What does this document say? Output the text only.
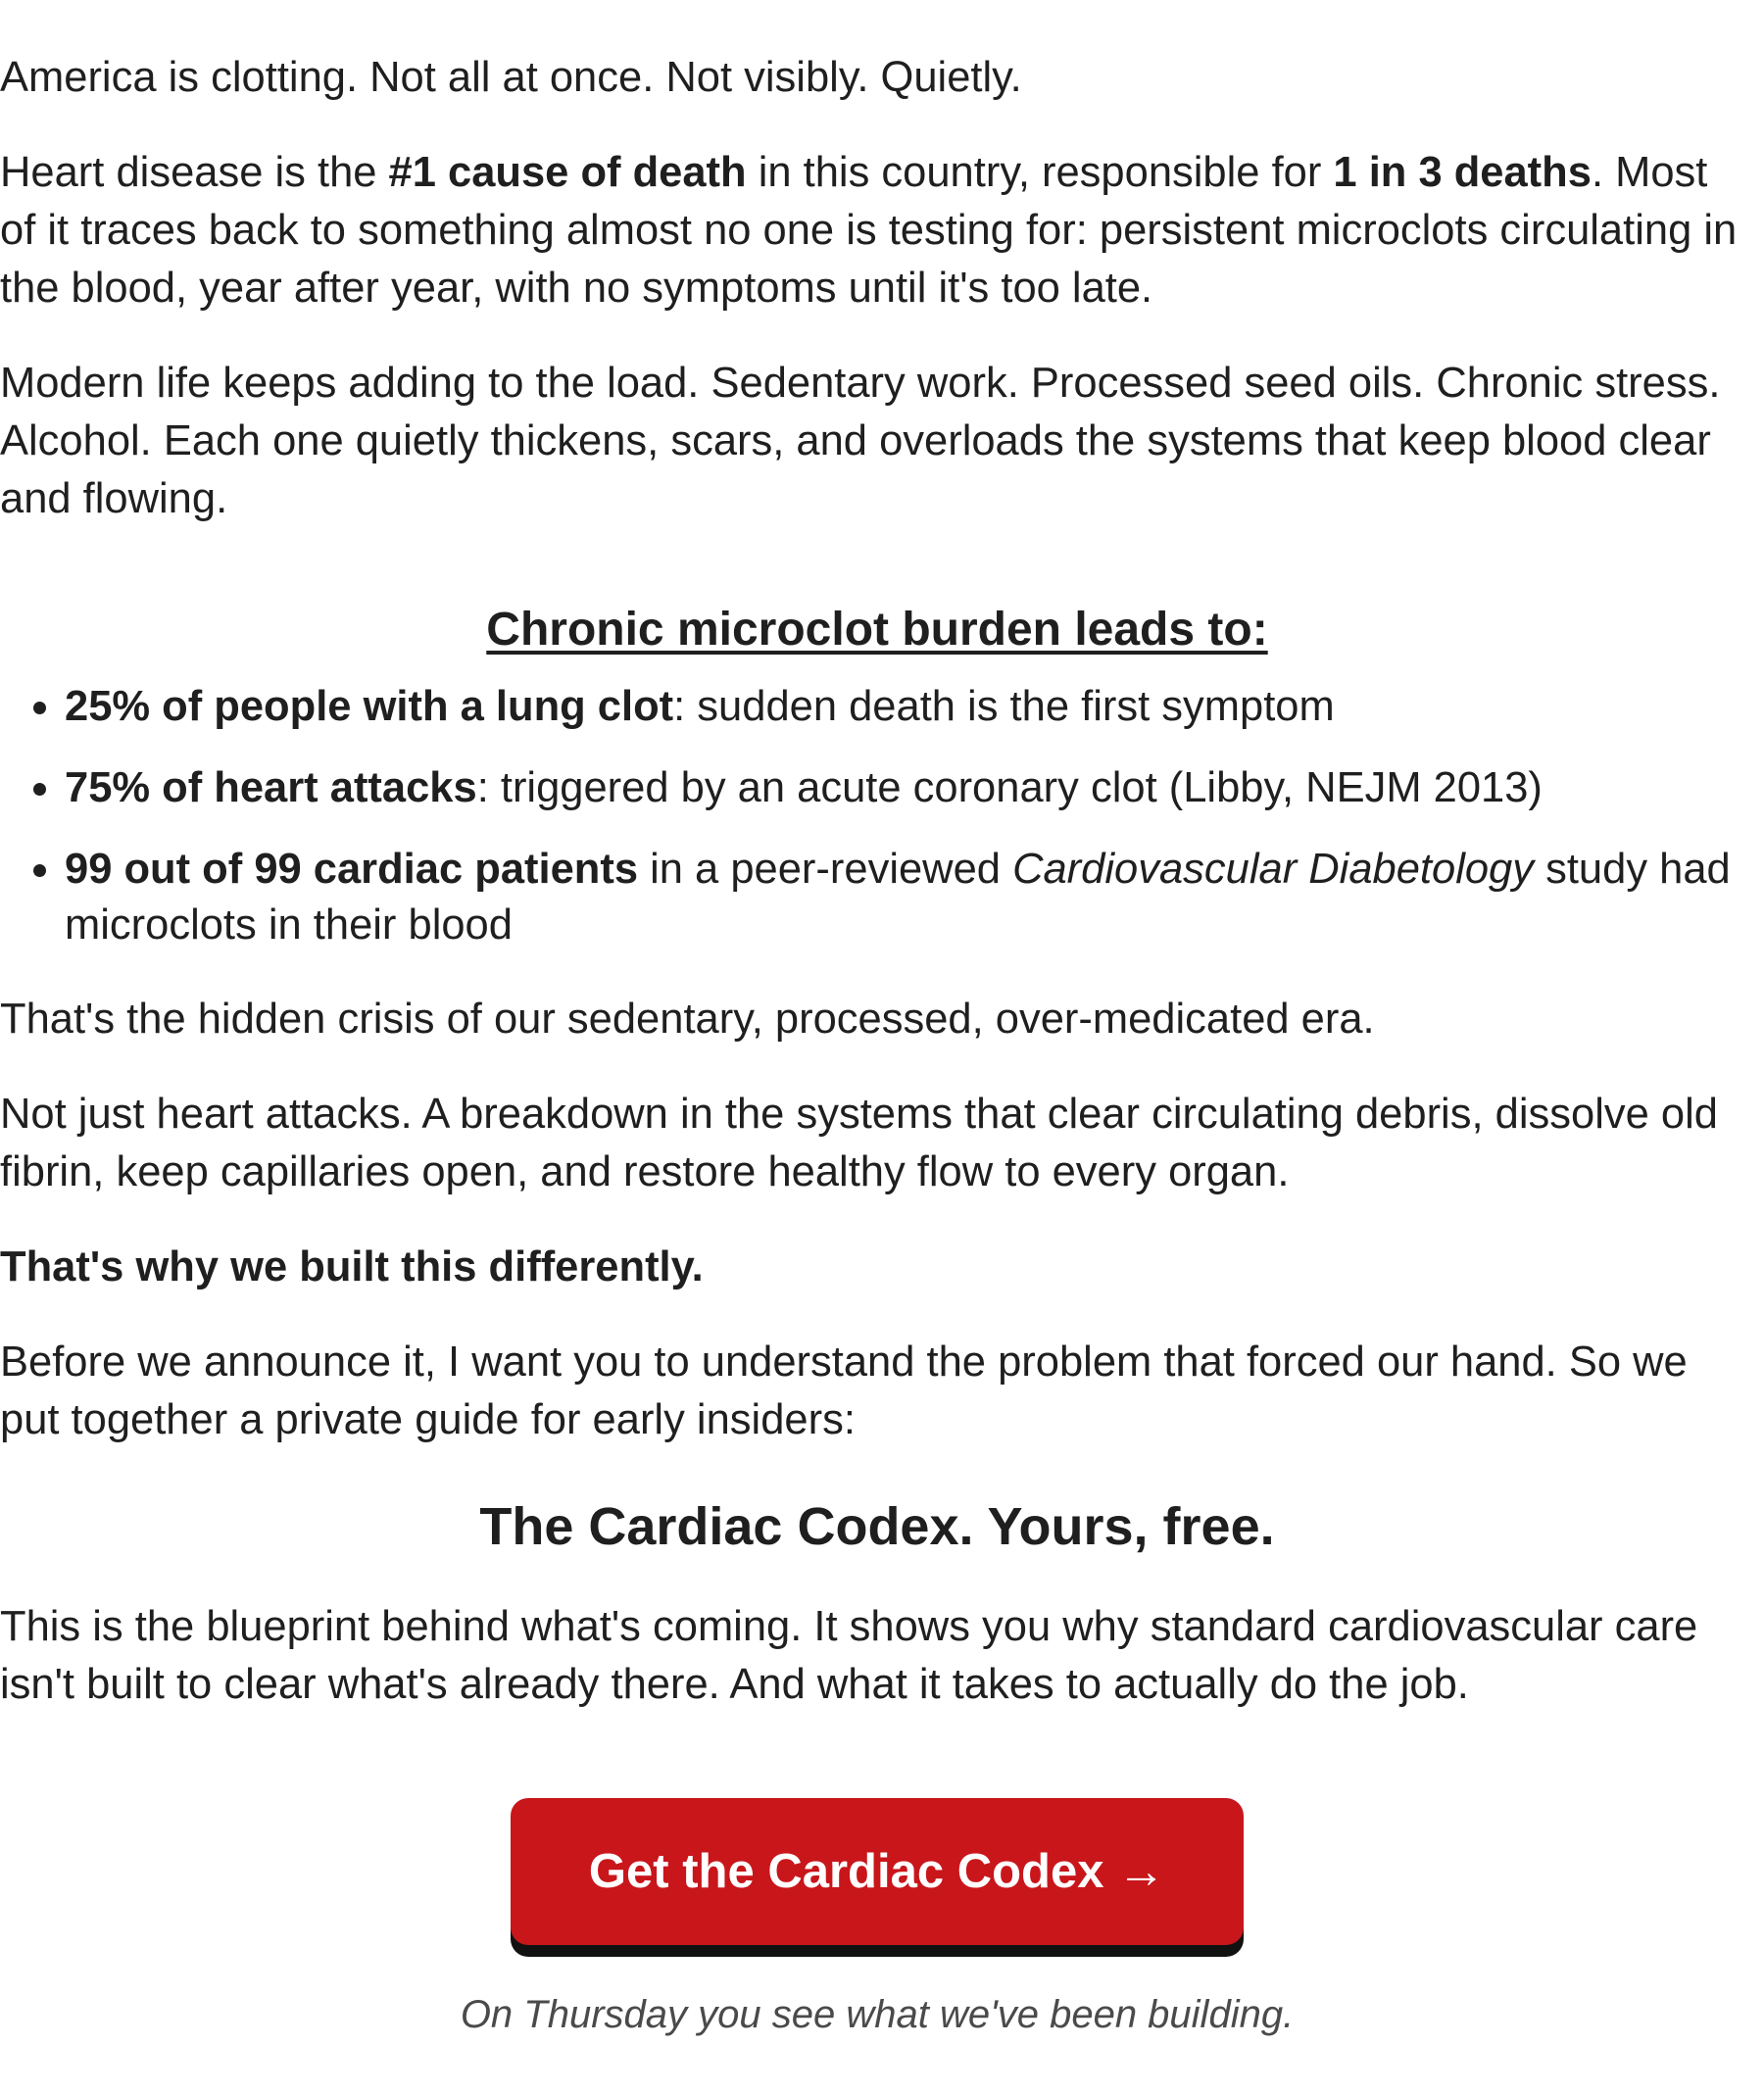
America is clotting. Not all at once. Not visibly. Quietly.

Heart disease is the #1 cause of death in this country, responsible for 1 in 3 deaths. Most of it traces back to something almost no one is testing for: persistent microclots circulating in the blood, year after year, with no symptoms until it's too late.

Modern life keeps adding to the load. Sedentary work. Processed seed oils. Chronic stress. Alcohol. Each one quietly thickens, scars, and overloads the systems that keep blood clear and flowing.

Chronic microclot burden leads to:
• 25% of people with a lung clot: sudden death is the first symptom
• 75% of heart attacks: triggered by an acute coronary clot (Libby, NEJM 2013)
• 99 out of 99 cardiac patients in a peer-reviewed Cardiovascular Diabetology study had microclots in their blood

That's the hidden crisis of our sedentary, processed, over-medicated era.

Not just heart attacks. A breakdown in the systems that clear circulating debris, dissolve old fibrin, keep capillaries open, and restore healthy flow to every organ.

That's why we built this differently.

Before we announce it, I want you to understand the problem that forced our hand. So we put together a private guide for early insiders:

The Cardiac Codex. Yours, free.

This is the blueprint behind what's coming. It shows you why standard cardiovascular care isn't built to clear what's already there. And what it takes to actually do the job.

Get the Cardiac Codex →
On Thursday you see what we've been building.
